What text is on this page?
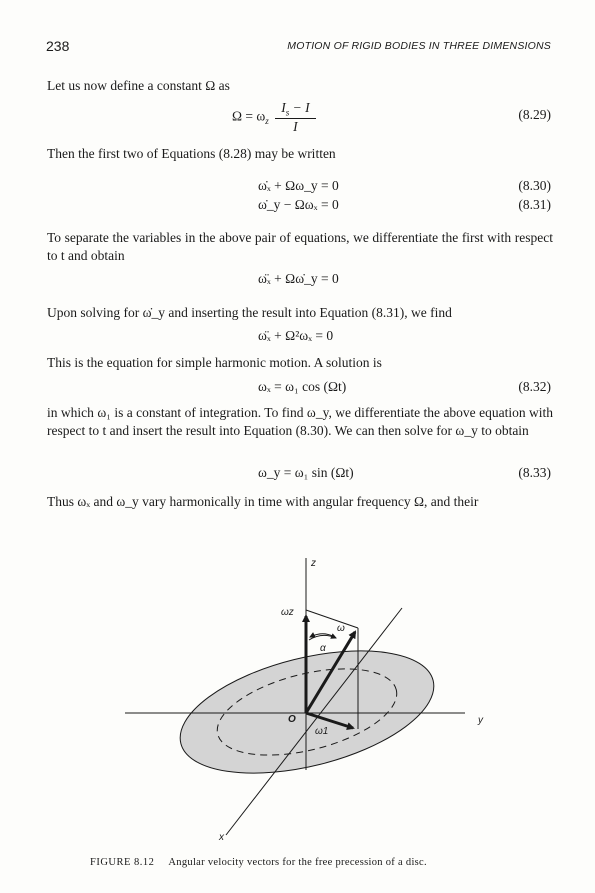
238	MOTION OF RIGID BODIES IN THREE DIMENSIONS
Let us now define a constant Ω as
$\Omega = \omega_z \frac{I_s - I}{I}$	(8.29)
Then the first two of Equations (8.28) may be written
ω̇ₓ + Ωω_y = 0	(8.30)
ω̇_y − Ωωₓ = 0	(8.31)
To separate the variables in the above pair of equations, we differentiate the first with respect to t and obtain
ω̈ₓ + Ωω̇_y = 0
Upon solving for ω̇_y and inserting the result into Equation (8.31), we find
ω̈ₓ + Ω²ωₓ = 0
This is the equation for simple harmonic motion. A solution is
ωₓ = ω₁ cos (Ωt)	(8.32)
in which ω₁ is a constant of integration. To find ω_y, we differentiate the above equation with respect to t and insert the result into Equation (8.30). We can then solve for ω_y to obtain
ω_y = ω₁ sin (Ωt)	(8.33)
Thus ωₓ and ω_y vary harmonically in time with angular frequency Ω, and their
z
y
x
O
ωz
ω
α
ω1
FIGURE 8.12 Angular velocity vectors for the free precession of a disc.
